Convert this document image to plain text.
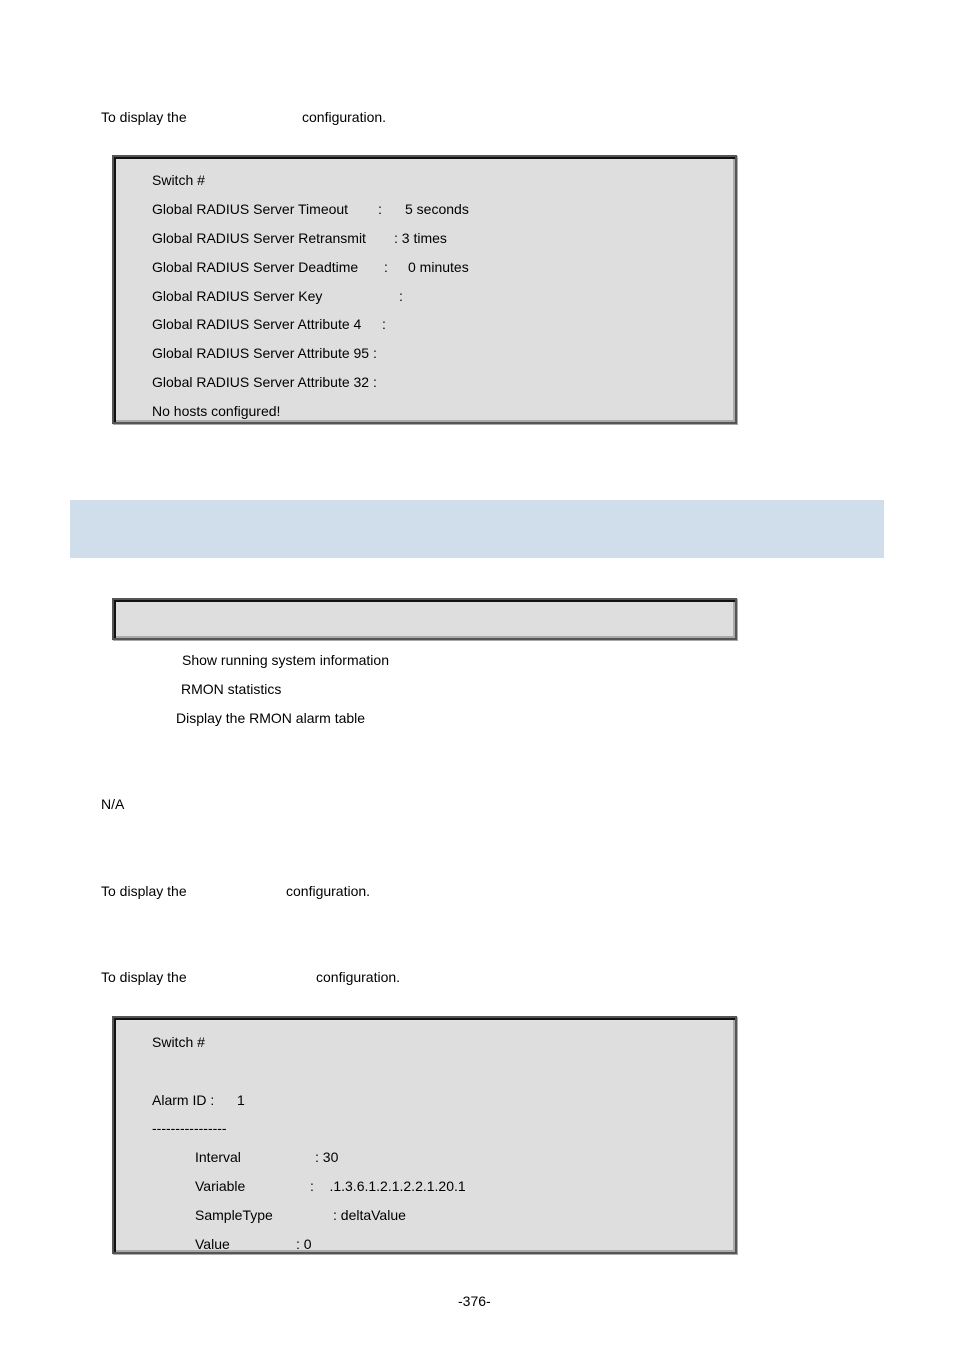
To display the	configuration.
Switch #
Global RADIUS Server Timeout : 5 seconds
Global RADIUS Server Retransmit : 3 times
Global RADIUS Server Deadtime : 0 minutes
Global RADIUS Server Key	:
Global RADIUS Server Attribute 4 :
Global RADIUS Server Attribute 95 :
Global RADIUS Server Attribute 32 :
No hosts configured!
Show running system information
RMON statistics
Display the RMON alarm table
N/A
To display the	configuration.
To display the	configuration.
Switch #
Alarm ID : 1
----------------
Interval	: 30
Variable	:    .1.3.6.1.2.1.2.2.1.20.1
SampleType	: deltaValue
Value	: 0
-376-
